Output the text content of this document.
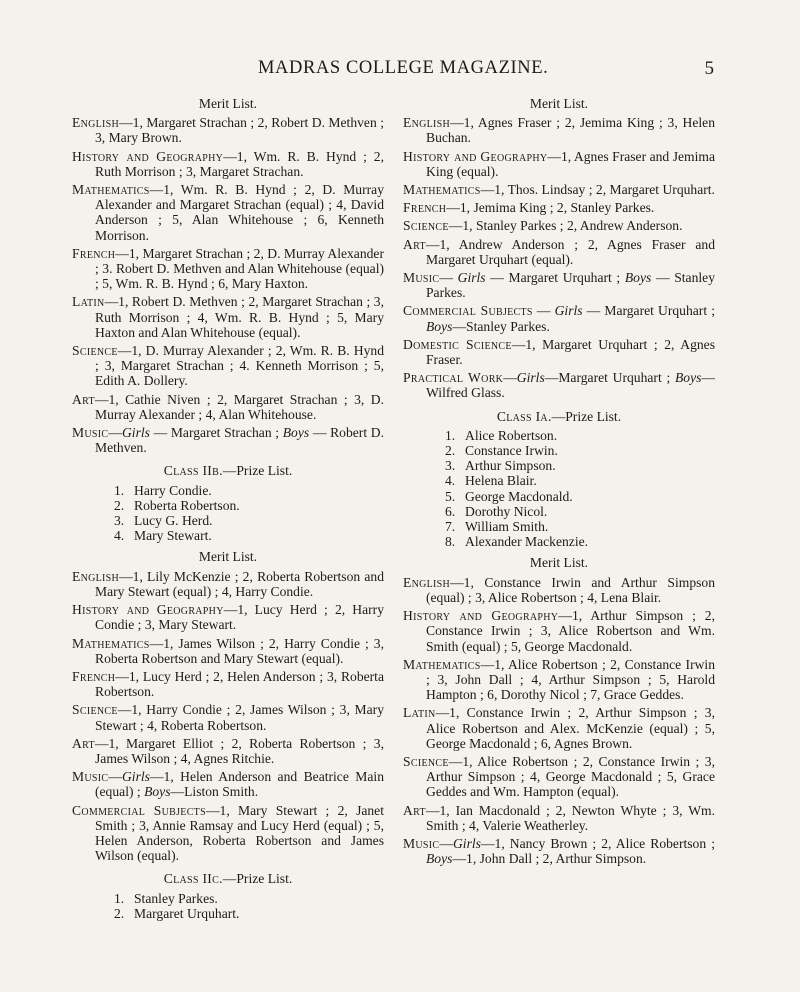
MADRAS COLLEGE MAGAZINE.	5
Merit List.

English—1, Margaret Strachan ; 2, Robert D. Methven ; 3, Mary Brown.

History and Geography—1, Wm. R. B. Hynd ; 2, Ruth Morrison ; 3, Margaret Strachan.

Mathematics—1, Wm. R. B. Hynd ; 2, D. Murray Alexander and Margaret Strachan (equal) ; 4, David Anderson ; 5, Alan Whitehouse ; 6, Kenneth Morrison.

French—1, Margaret Strachan ; 2, D. Murray Alexander ; 3. Robert D. Methven and Alan Whitehouse (equal) ; 5, Wm. R. B. Hynd ; 6, Mary Haxton.

Latin—1, Robert D. Methven ; 2, Margaret Strachan ; 3, Ruth Morrison ; 4, Wm. R. B. Hynd ; 5, Mary Haxton and Alan Whitehouse (equal).

Science—1, D. Murray Alexander ; 2, Wm. R. B. Hynd ; 3, Margaret Strachan ; 4. Kenneth Morrison ; 5, Edith A. Dollery.

Art—1, Cathie Niven ; 2, Margaret Strachan ; 3, D. Murray Alexander ; 4, Alan Whitehouse.

Music—Girls — Margaret Strachan ; Boys — Robert D. Methven.

Class IIb.—Prize List.
1. Harry Condie.
2. Roberta Robertson.
3. Lucy G. Herd.
4. Mary Stewart.
Merit List.

English—1, Lily McKenzie ; 2, Roberta Robertson and Mary Stewart (equal) ; 4, Harry Condie.

History and Geography—1, Lucy Herd ; 2, Harry Condie ; 3, Mary Stewart.

Mathematics—1, James Wilson ; 2, Harry Condie ; 3, Roberta Robertson and Mary Stewart (equal).

French—1, Lucy Herd ; 2, Helen Anderson ; 3, Roberta Robertson.

Science—1, Harry Condie ; 2, James Wilson ; 3, Mary Stewart ; 4, Roberta Robertson.

Art—1, Margaret Elliot ; 2, Roberta Robertson ; 3, James Wilson ; 4, Agnes Ritchie.

Music—Girls—1, Helen Anderson and Beatrice Main (equal) ; Boys—Liston Smith.

Commercial Subjects—1, Mary Stewart ; 2, Janet Smith ; 3, Annie Ramsay and Lucy Herd (equal) ; 5, Helen Anderson, Roberta Robertson and James Wilson (equal).

Class IIc.—Prize List.
1. Stanley Parkes.
2. Margaret Urquhart.
Merit List.

English—1, Agnes Fraser ; 2, Jemima King ; 3, Helen Buchan.

History and Geography—1, Agnes Fraser and Jemima King (equal).

Mathematics—1, Thos. Lindsay ; 2, Margaret Urquhart.

French—1, Jemima King ; 2, Stanley Parkes.

Science—1, Stanley Parkes ; 2, Andrew Anderson.

Art—1, Andrew Anderson ; 2, Agnes Fraser and Margaret Urquhart (equal).

Music— Girls — Margaret Urquhart ; Boys — Stanley Parkes.

Commercial Subjects — Girls — Margaret Urquhart ; Boys—Stanley Parkes.

Domestic Science—1, Margaret Urquhart ; 2, Agnes Fraser.

Practical Work—Girls—Margaret Urquhart ; Boys—Wilfred Glass.

Class Ia.—Prize List.
1. Alice Robertson.
2. Constance Irwin.
3. Arthur Simpson.
4. Helena Blair.
5. George Macdonald.
6. Dorothy Nicol.
7. William Smith.
8. Alexander Mackenzie.
Merit List.

English—1, Constance Irwin and Arthur Simpson (equal) ; 3, Alice Robertson ; 4, Lena Blair.

History and Geography—1, Arthur Simpson ; 2, Constance Irwin ; 3, Alice Robertson and Wm. Smith (equal) ; 5, George Macdonald.

Mathematics—1, Alice Robertson ; 2, Constance Irwin ; 3, John Dall ; 4, Arthur Simpson ; 5, Harold Hampton ; 6, Dorothy Nicol ; 7, Grace Geddes.

Latin—1, Constance Irwin ; 2, Arthur Simpson ; 3, Alice Robertson and Alex. McKenzie (equal) ; 5, George Macdonald ; 6, Agnes Brown.

Science—1, Alice Robertson ; 2, Constance Irwin ; 3, Arthur Simpson ; 4, George Macdonald ; 5, Grace Geddes and Wm. Hampton (equal).

Art—1, Ian Macdonald ; 2, Newton Whyte ; 3, Wm. Smith ; 4, Valerie Weatherley.

Music—Girls—1, Nancy Brown ; 2, Alice Robertson ; Boys—1, John Dall ; 2, Arthur Simpson.
